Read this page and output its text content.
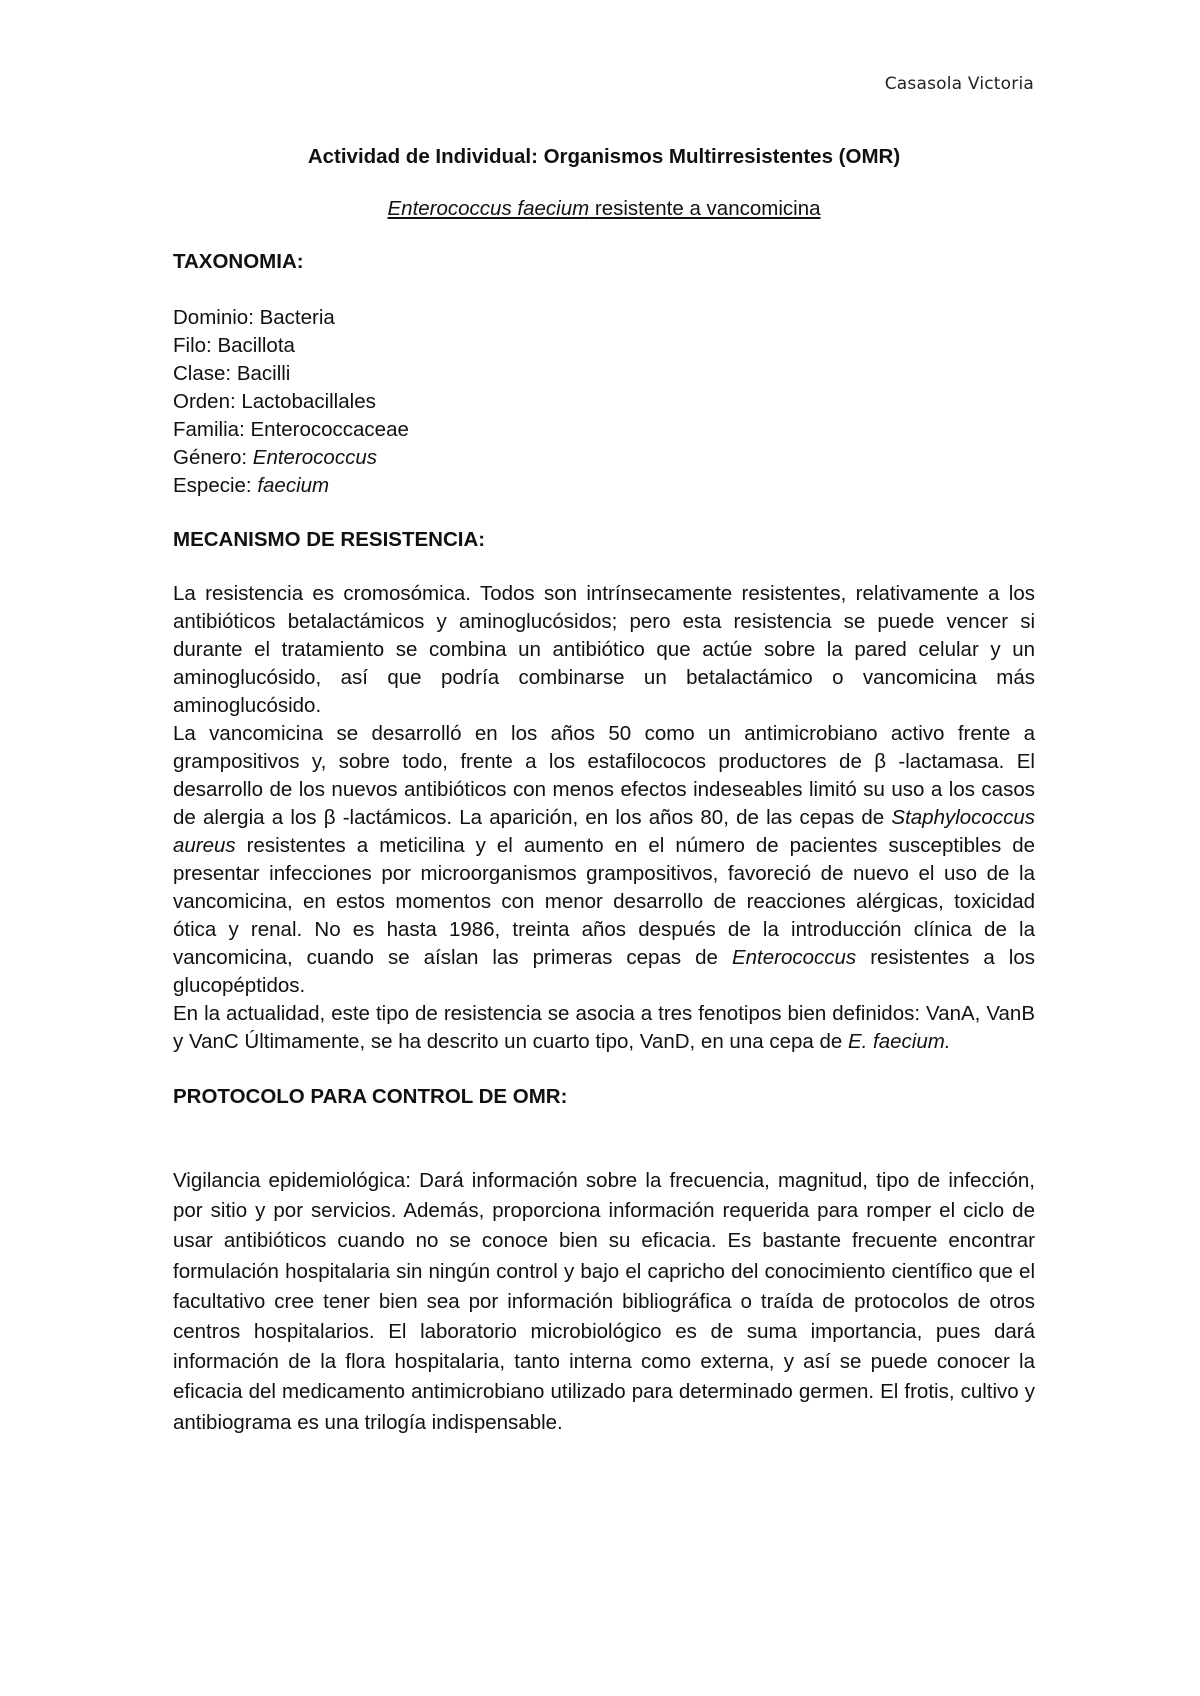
Casasola Victoria
Actividad de Individual: Organismos Multirresistentes (OMR)

Enterococcus faecium resistente a vancomicina

TAXONOMIA:
Dominio: Bacteria
Filo: Bacillota
Clase: Bacilli
Orden: Lactobacillales
Familia: Enterococcaceae
Género: Enterococcus
Especie: faecium
MECANISMO DE RESISTENCIA:

La resistencia es cromosómica. Todos son intrínsecamente resistentes, relativamente a los antibióticos betalactámicos y aminoglucósidos; pero esta resistencia se puede vencer si durante el tratamiento se combina un antibiótico que actúe sobre la pared celular y un aminoglucósido, así que podría combinarse un betalactámico o vancomicina más aminoglucósido.

La vancomicina se desarrolló en los años 50 como un antimicrobiano activo frente a grampositivos y, sobre todo, frente a los estafilococos productores de β -lactamasa. El desarrollo de los nuevos antibióticos con menos efectos indeseables limitó su uso a los casos de alergia a los β -lactámicos. La aparición, en los años 80, de las cepas de Staphylococcus aureus resistentes a meticilina y el aumento en el número de pacientes susceptibles de presentar infecciones por microorganismos grampositivos, favoreció de nuevo el uso de la vancomicina, en estos momentos con menor desarrollo de reacciones alérgicas, toxicidad ótica y renal. No es hasta 1986, treinta años después de la introducción clínica de la vancomicina, cuando se aíslan las primeras cepas de Enterococcus resistentes a los glucopéptidos.

En la actualidad, este tipo de resistencia se asocia a tres fenotipos bien definidos: VanA, VanB y VanC Últimamente, se ha descrito un cuarto tipo, VanD, en una cepa de E. faecium.

PROTOCOLO PARA CONTROL DE OMR:

Vigilancia epidemiológica: Dará información sobre la frecuencia, magnitud, tipo de infección, por sitio y por servicios. Además, proporciona información requerida para romper el ciclo de usar antibióticos cuando no se conoce bien su eficacia. Es bastante frecuente encontrar formulación hospitalaria sin ningún control y bajo el capricho del conocimiento científico que el facultativo cree tener bien sea por información bibliográfica o traída de protocolos de otros centros hospitalarios. El laboratorio microbiológico es de suma importancia, pues dará información de la flora hospitalaria, tanto interna como externa, y así se puede conocer la eficacia del medicamento antimicrobiano utilizado para determinado germen. El frotis, cultivo y antibiograma es una trilogía indispensable.
